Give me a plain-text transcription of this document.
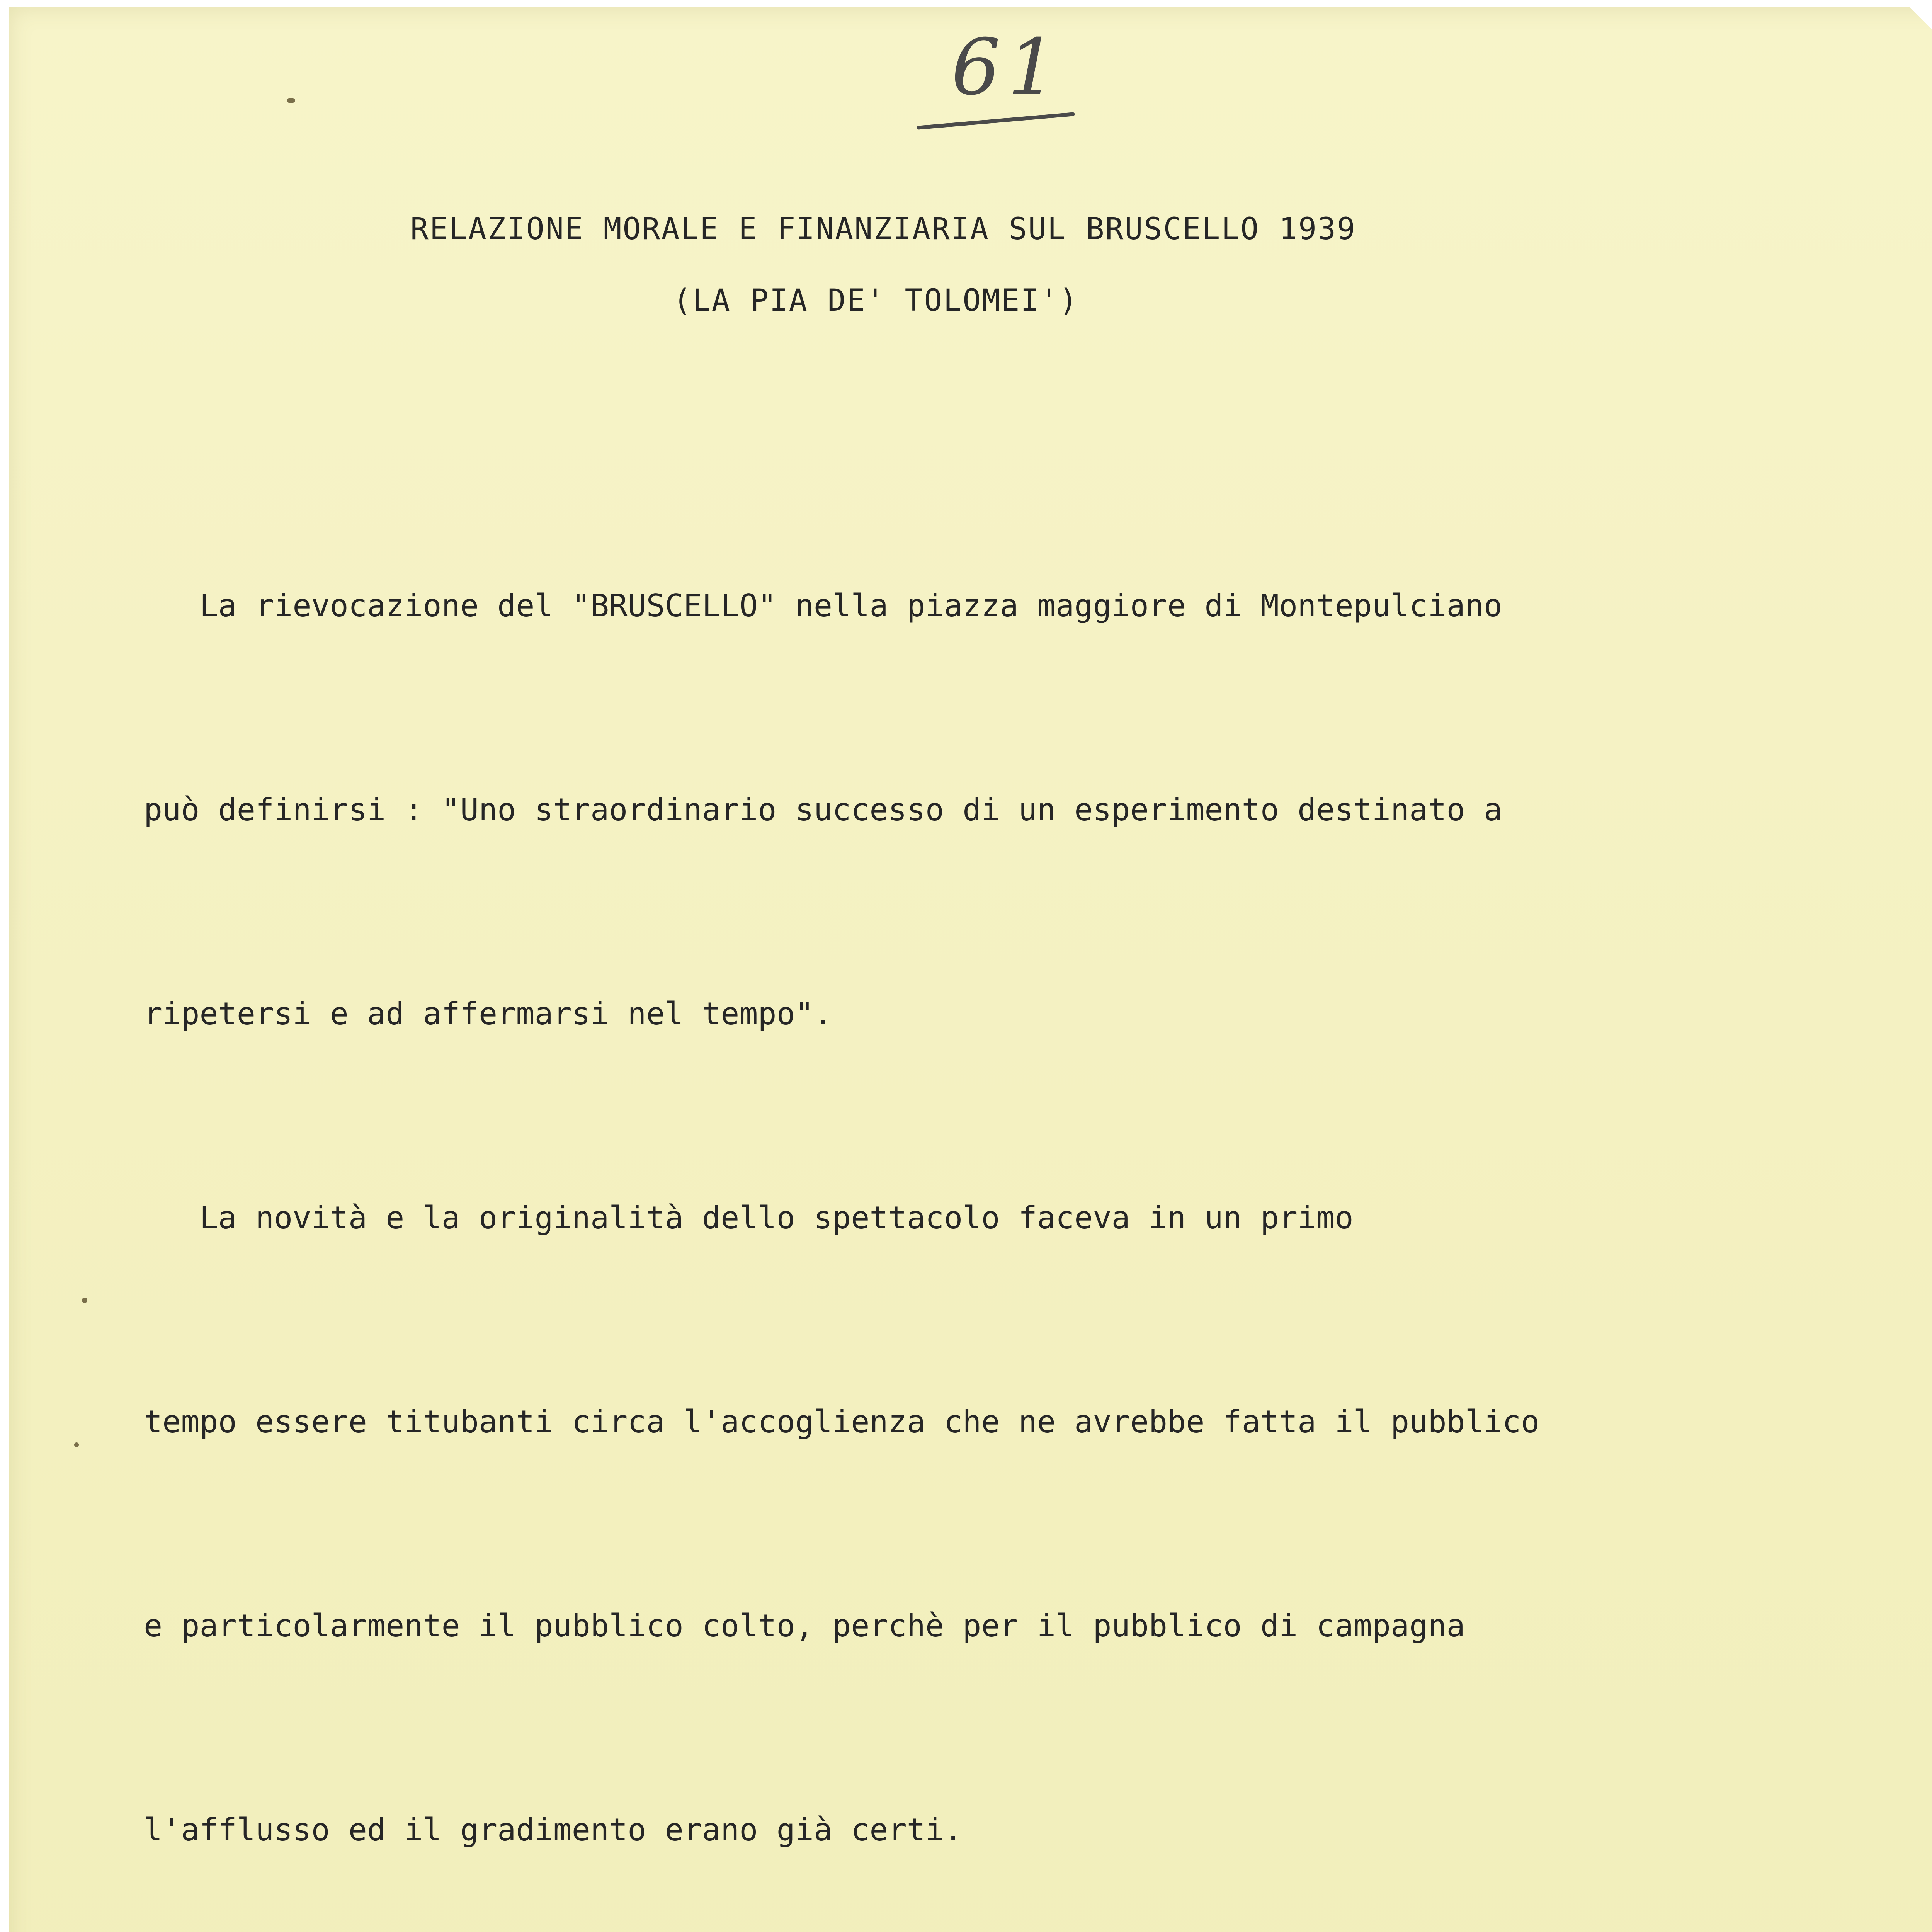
61

RELAZIONE MORALE E FINANZIARIA SUL BRUSCELLO 1939

(LA PIA DE' TOLOMEI')

La rievocazione del "BRUSCELLO" nella piazza maggiore di Montepulciano

può definirsi : "Uno straordinario successo di un esperimento destinato a

ripetersi e ad affermarsi nel tempo".

La novità e la originalità dello spettacolo faceva in un primo

tempo essere titubanti circa l'accoglienza che ne avrebbe fatta il pubblico

e particolarmente il pubblico colto, perchè per il pubblico di campagna

l'afflusso ed il gradimento erano già certi.
